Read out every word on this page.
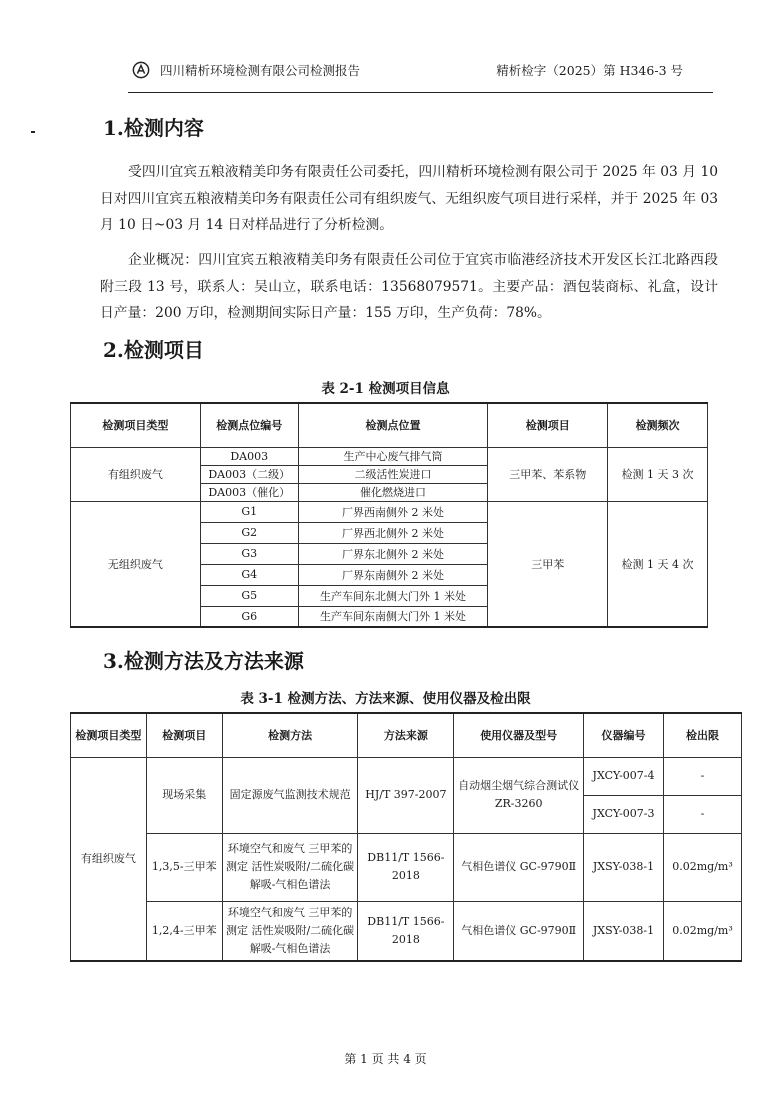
四川精析环境检测有限公司检测报告	精析检字（2025）第 H346-3 号
1.检测内容
受四川宜宾五粮液精美印务有限责任公司委托，四川精析环境检测有限公司于 2025 年 03 月 10 日对四川宜宾五粮液精美印务有限责任公司有组织废气、无组织废气项目进行采样，并于 2025 年 03 月 10 日~03 月 14 日对样品进行了分析检测。
企业概况：四川宜宾五粮液精美印务有限责任公司位于宜宾市临港经济技术开发区长江北路西段附三段 13 号，联系人：吴山立，联系电话：13568079571。主要产品：酒包装商标、礼盒，设计日产量：200 万印，检测期间实际日产量：155 万印，生产负荷：78%。
2.检测项目
表 2-1 检测项目信息
检测项目类型	检测点位编号	检测点位置	检测项目	检测频次
有组织废气	DA003	生产中心废气排气筒	三甲苯、苯系物	检测 1 天 3 次
	DA003（二级）	二级活性炭进口		
	DA003（催化）	催化燃烧进口		
无组织废气	G1	厂界西南侧外 2 米处	三甲苯	检测 1 天 4 次
	G2	厂界西北侧外 2 米处		
	G3	厂界东北侧外 2 米处		
	G4	厂界东南侧外 2 米处		
	G5	生产车间东北侧大门外 1 米处		
	G6	生产车间东南侧大门外 1 米处		
3.检测方法及方法来源
表 3-1 检测方法、方法来源、使用仪器及检出限
检测项目类型	检测项目	检测方法	方法来源	使用仪器及型号	仪器编号	检出限
有组织废气	现场采集	固定源废气监测技术规范	HJ/T 397-2007	自动烟尘烟气综合测试仪 ZR-3260	JXCY-007-4	-
					JXCY-007-3	-
	1,3,5-三甲苯	环境空气和废气 三甲苯的测定 活性炭吸附/二硫化碳解吸-气相色谱法	DB11/T 1566-2018	气相色谱仪 GC-9790Ⅱ	JXSY-038-1	0.02mg/m³
	1,2,4-三甲苯	环境空气和废气 三甲苯的测定 活性炭吸附/二硫化碳解吸-气相色谱法	DB11/T 1566-2018	气相色谱仪 GC-9790Ⅱ	JXSY-038-1	0.02mg/m³
第 1 页 共 4 页
